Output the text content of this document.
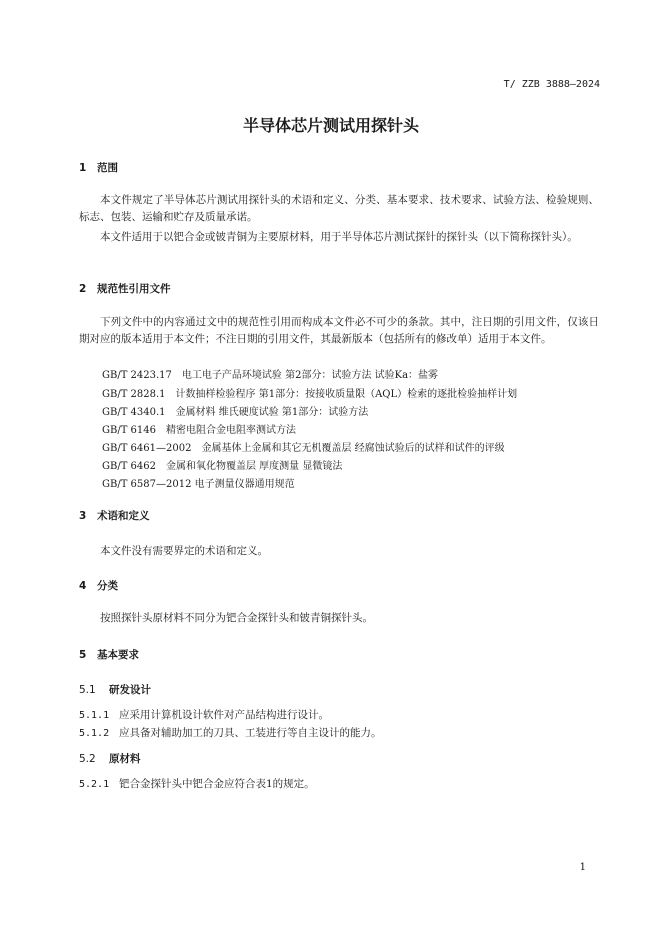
T/ ZZB 3888—2024
半导体芯片测试用探针头
1 范围
本文件规定了半导体芯片测试用探针头的术语和定义、分类、基本要求、技术要求、试验方法、检验规则、标志、包装、运输和贮存及质量承诺。
本文件适用于以钯合金或铍青铜为主要原材料，用于半导体芯片测试探针的探针头（以下简称探针头）。
2 规范性引用文件
下列文件中的内容通过文中的规范性引用而构成本文件必不可少的条款。其中，注日期的引用文件，仅该日期对应的版本适用于本文件；不注日期的引用文件，其最新版本（包括所有的修改单）适用于本文件。
GB/T 2423.17　电工电子产品环境试验 第2部分：试验方法 试验Ka：盐雾
GB/T 2828.1　计数抽样检验程序 第1部分：按接收质量限（AQL）检索的逐批检验抽样计划
GB/T 4340.1　金属材料 维氏硬度试验 第1部分：试验方法
GB/T 6146　精密电阻合金电阻率测试方法
GB/T 6461—2002　金属基体上金属和其它无机覆盖层 经腐蚀试验后的试样和试件的评级
GB/T 6462　金属和氧化物覆盖层 厚度测量 显微镜法
GB/T 6587—2012 电子测量仪器通用规范
3 术语和定义
本文件没有需要界定的术语和定义。
4 分类
按照探针头原材料不同分为钯合金探针头和铍青铜探针头。
5 基本要求
5.1 研发设计
5.1.1 应采用计算机设计软件对产品结构进行设计。
5.1.2 应具备对辅助加工的刀具、工装进行等自主设计的能力。
5.2 原材料
5.2.1 钯合金探针头中钯合金应符合表1的规定。
1
